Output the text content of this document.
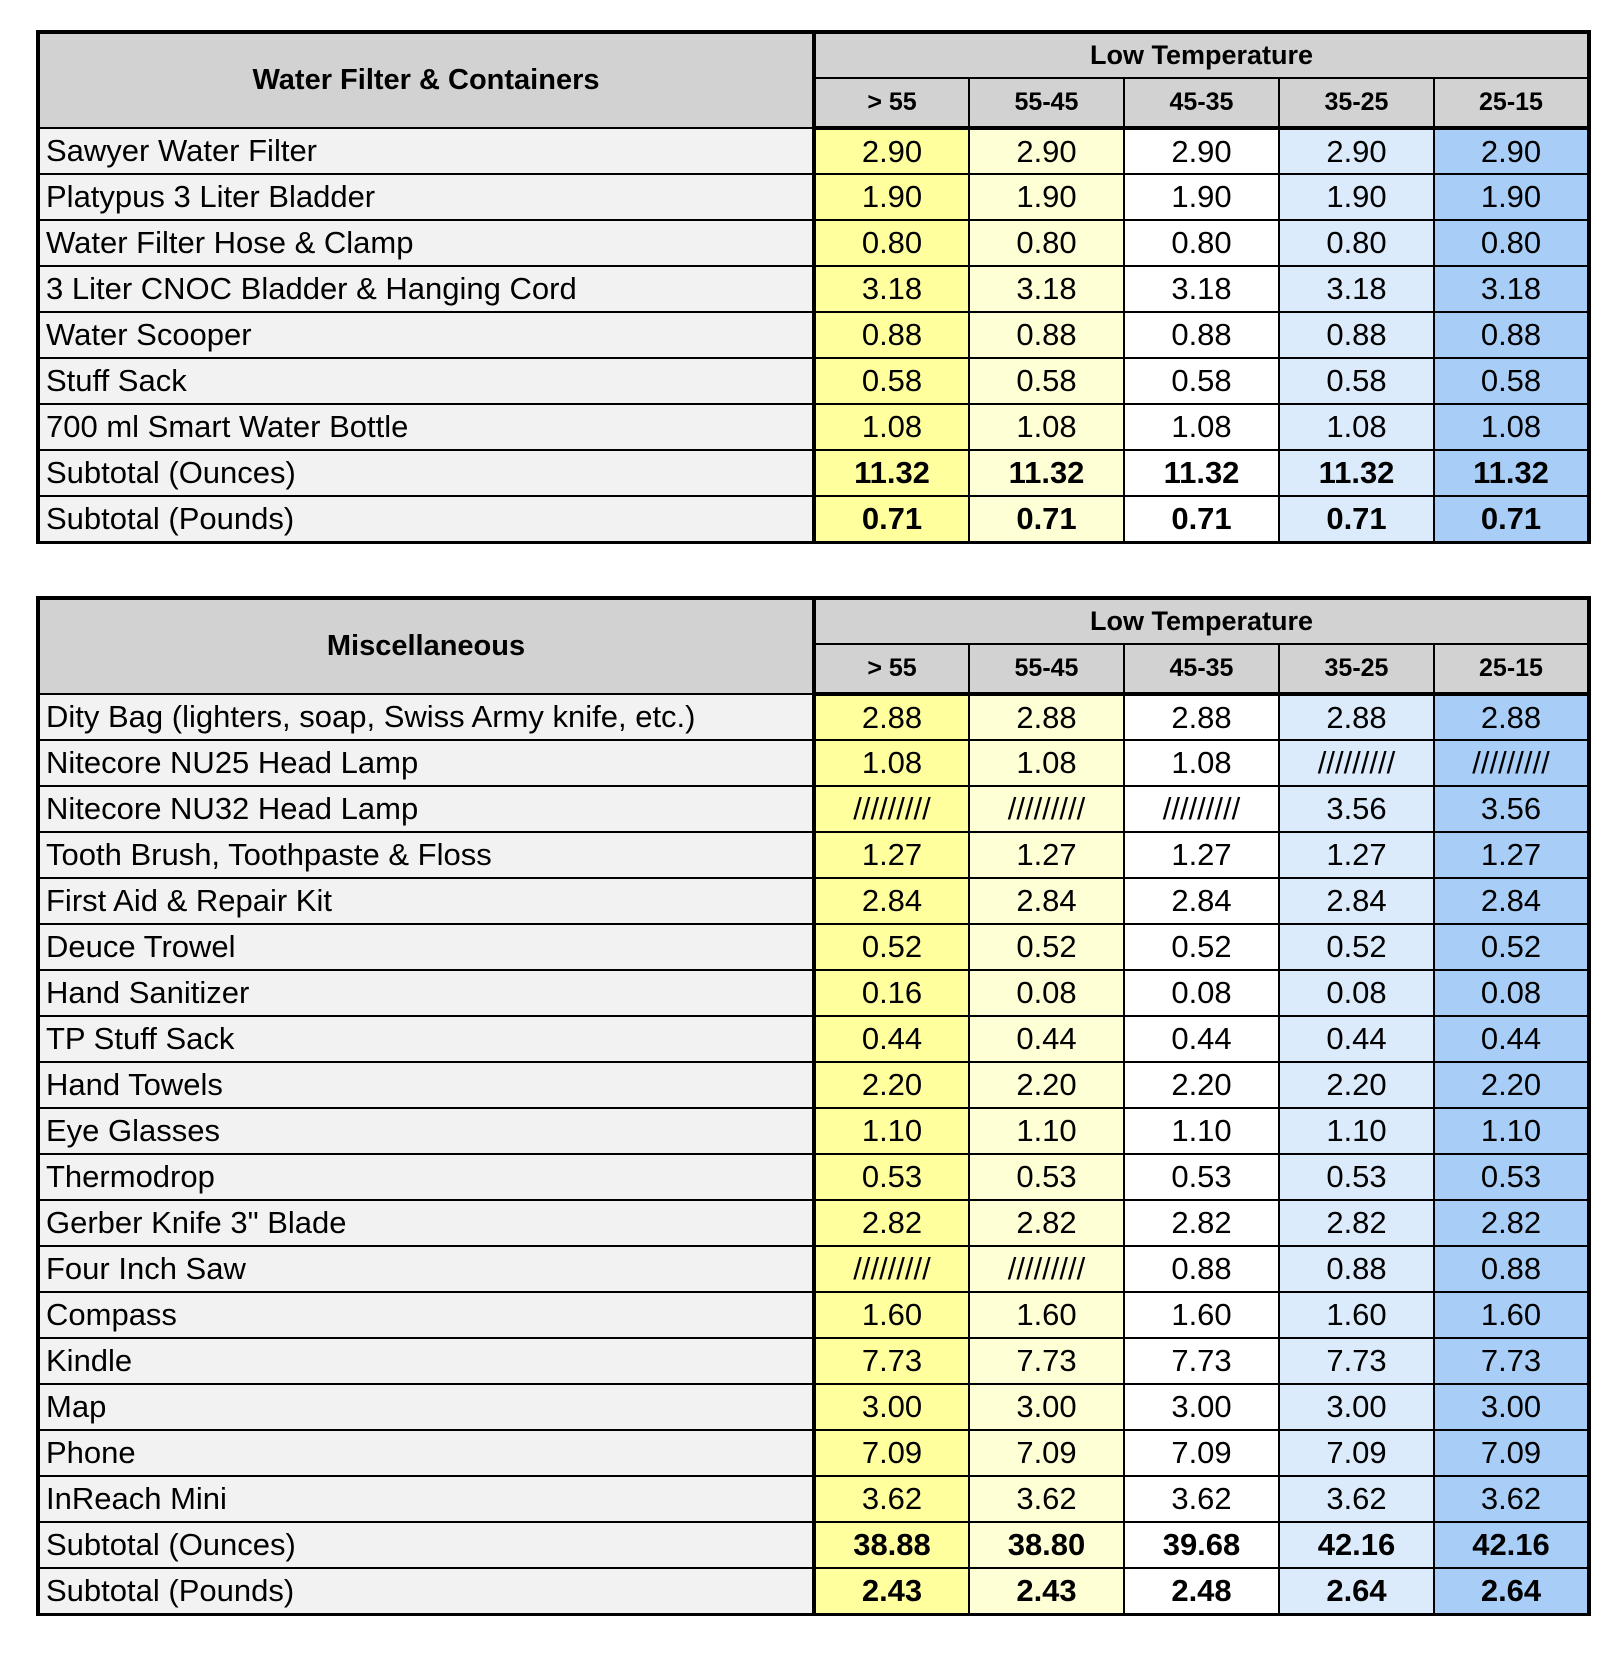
Water Filter & Containers	Low Temperature				
	> 55	55-45	45-35	35-25	25-15
Sawyer Water Filter	2.90	2.90	2.90	2.90	2.90
Platypus 3 Liter Bladder	1.90	1.90	1.90	1.90	1.90
Water Filter Hose & Clamp	0.80	0.80	0.80	0.80	0.80
3 Liter CNOC Bladder & Hanging Cord	3.18	3.18	3.18	3.18	3.18
Water Scooper	0.88	0.88	0.88	0.88	0.88
Stuff Sack	0.58	0.58	0.58	0.58	0.58
700 ml Smart Water Bottle	1.08	1.08	1.08	1.08	1.08
Subtotal (Ounces)	11.32	11.32	11.32	11.32	11.32
Subtotal (Pounds)	0.71	0.71	0.71	0.71	0.71
Miscellaneous	Low Temperature				
	> 55	55-45	45-35	35-25	25-15
Dity Bag (lighters, soap, Swiss Army knife, etc.)	2.88	2.88	2.88	2.88	2.88
Nitecore NU25 Head Lamp	1.08	1.08	1.08	/////////	/////////
Nitecore NU32 Head Lamp	/////////	/////////	/////////	3.56	3.56
Tooth Brush, Toothpaste & Floss	1.27	1.27	1.27	1.27	1.27
First Aid & Repair Kit	2.84	2.84	2.84	2.84	2.84
Deuce Trowel	0.52	0.52	0.52	0.52	0.52
Hand Sanitizer	0.16	0.08	0.08	0.08	0.08
TP Stuff Sack	0.44	0.44	0.44	0.44	0.44
Hand Towels	2.20	2.20	2.20	2.20	2.20
Eye Glasses	1.10	1.10	1.10	1.10	1.10
Thermodrop	0.53	0.53	0.53	0.53	0.53
Gerber Knife 3" Blade	2.82	2.82	2.82	2.82	2.82
Four Inch Saw	/////////	/////////	0.88	0.88	0.88
Compass	1.60	1.60	1.60	1.60	1.60
Kindle	7.73	7.73	7.73	7.73	7.73
Map	3.00	3.00	3.00	3.00	3.00
Phone	7.09	7.09	7.09	7.09	7.09
InReach Mini	3.62	3.62	3.62	3.62	3.62
Subtotal (Ounces)	38.88	38.80	39.68	42.16	42.16
Subtotal (Pounds)	2.43	2.43	2.48	2.64	2.64
